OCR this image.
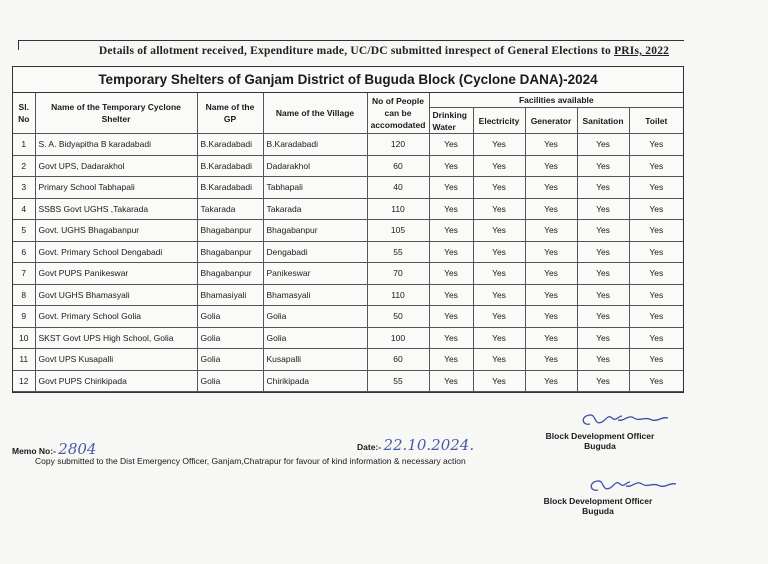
Details of allotment received, Expenditure made, UC/DC submitted inrespect of General Elections to PRIs, 2022
Temporary Shelters of Ganjam District of Buguda Block (Cyclone DANA)-2024
Sl. No	Name of the Temporary Cyclone Shelter	Name of the GP	Name of the Village	No of People can be accomodated	Facilities available				
					Drinking Water	Electricity	Generator	Sanitation	Toilet
1	S. A. Bidyapitha B karadabadi	B.Karadabadi	B.Karadabadi	120	Yes	Yes	Yes	Yes	Yes
2	Govt UPS, Dadarakhol	B.Karadabadi	Dadarakhol	60	Yes	Yes	Yes	Yes	Yes
3	Primary School Tabhapali	B.Karadabadi	Tabhapali	40	Yes	Yes	Yes	Yes	Yes
4	SSBS Govt UGHS ,Takarada	Takarada	Takarada	110	Yes	Yes	Yes	Yes	Yes
5	Govt. UGHS Bhagabanpur	Bhagabanpur	Bhagabanpur	105	Yes	Yes	Yes	Yes	Yes
6	Govt. Primary School Dengabadi	Bhagabanpur	Dengabadi	55	Yes	Yes	Yes	Yes	Yes
7	Govt PUPS Panikeswar	Bhagabanpur	Panikeswar	70	Yes	Yes	Yes	Yes	Yes
8	Govt UGHS Bhamasyali	Bhamasiyali	Bhamasyali	110	Yes	Yes	Yes	Yes	Yes
9	Govt. Primary School Golia	Golia	Golia	50	Yes	Yes	Yes	Yes	Yes
10	SKST Govt UPS High School, Golia	Golia	Golia	100	Yes	Yes	Yes	Yes	Yes
11	Govt UPS Kusapalli	Golia	Kusapalli	60	Yes	Yes	Yes	Yes	Yes
12	Govt PUPS Chirikipada	Golia	Chirikipada	55	Yes	Yes	Yes	Yes	Yes
Memo No:- 2804	Date:- 22.10.2024.
Copy submitted to the Dist Emergency Officer, Ganjam,Chatrapur for favour of kind information & necessary action
Block Development Officer
Buguda
Block Development Officer
Buguda
